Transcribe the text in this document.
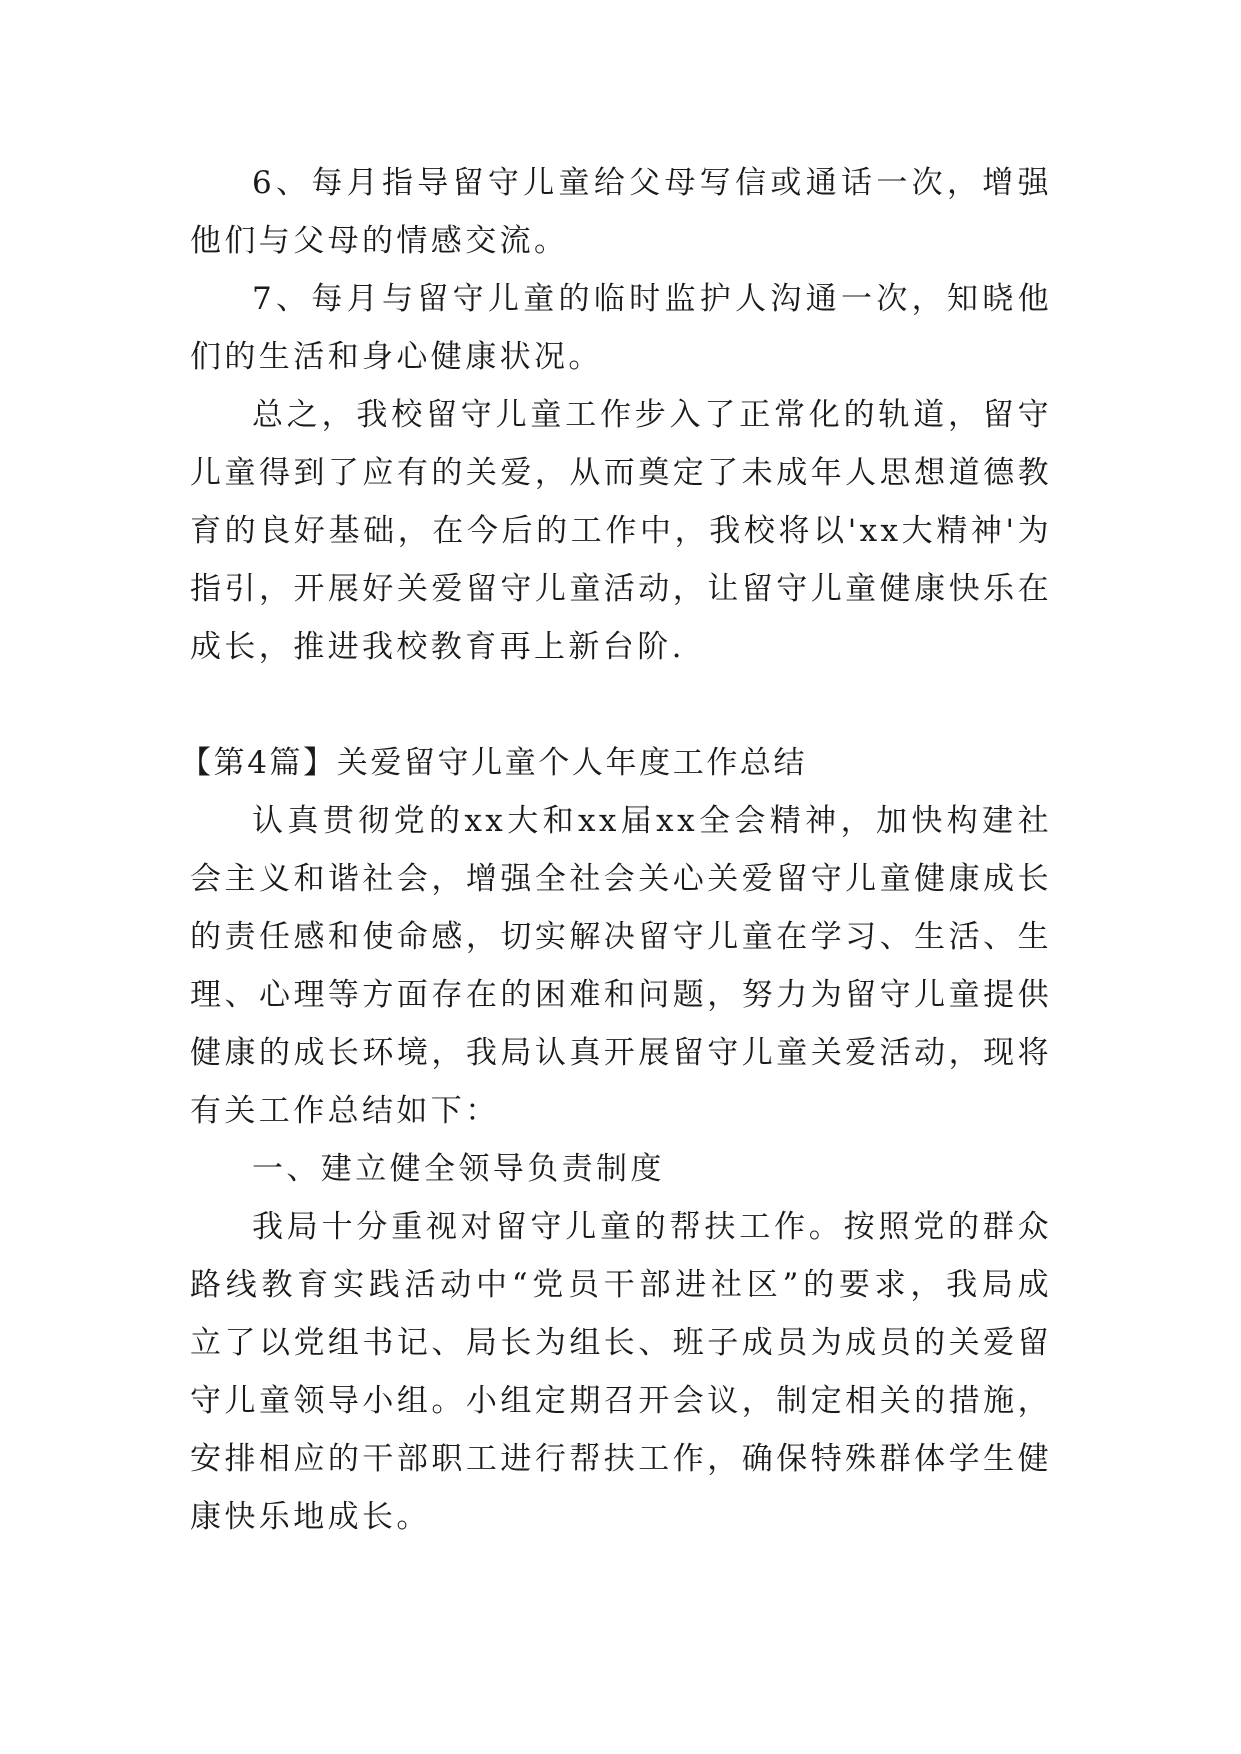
6、每月指导留守儿童给父母写信或通话一次，增强他们与父母的情感交流。

7、每月与留守儿童的临时监护人沟通一次，知晓他们的生活和身心健康状况。

总之，我校留守儿童工作步入了正常化的轨道，留守儿童得到了应有的关爱，从而奠定了未成年人思想道德教育的良好基础，在今后的工作中，我校将以'xx大精神'为指引，开展好关爱留守儿童活动，让留守儿童健康快乐在成长，推进我校教育再上新台阶.

【第4篇】关爱留守儿童个人年度工作总结

认真贯彻党的xx大和xx届xx全会精神，加快构建社会主义和谐社会，增强全社会关心关爱留守儿童健康成长的责任感和使命感，切实解决留守儿童在学习、生活、生理、心理等方面存在的困难和问题，努力为留守儿童提供健康的成长环境，我局认真开展留守儿童关爱活动，现将有关工作总结如下：

一、建立健全领导负责制度

我局十分重视对留守儿童的帮扶工作。按照党的群众路线教育实践活动中“党员干部进社区”的要求，我局成立了以党组书记、局长为组长、班子成员为成员的关爱留守儿童领导小组。小组定期召开会议，制定相关的措施，安排相应的干部职工进行帮扶工作，确保特殊群体学生健康快乐地成长。
